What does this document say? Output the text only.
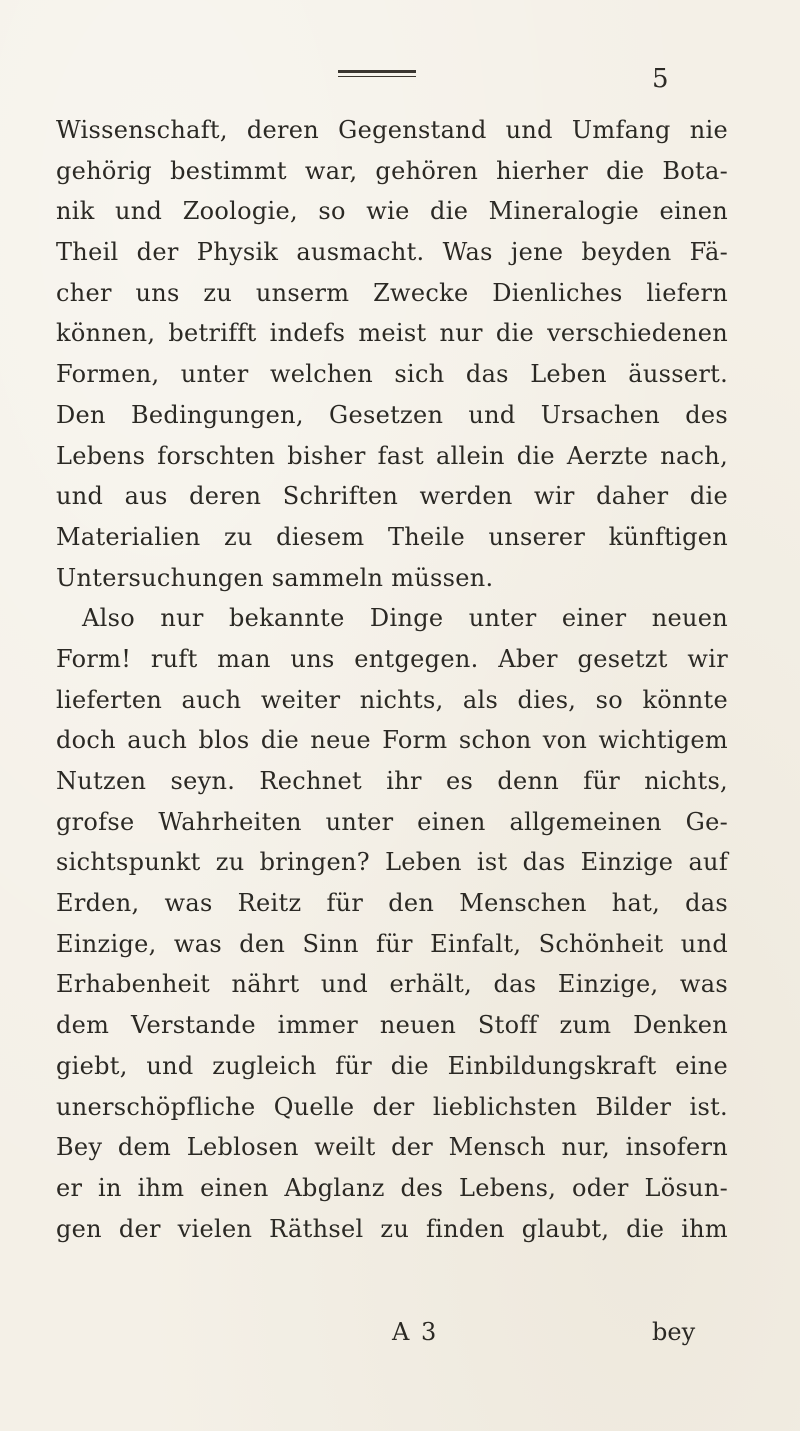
5
Wissenschaft, deren Gegenstand und Umfang nie
gehörig bestimmt war, gehören hierher die Bota-
nik und Zoologie, so wie die Mineralogie einen
Theil der Physik ausmacht. Was jene beyden Fä-
cher uns zu unserm Zwecke Dienliches liefern
können, betrifft indefs meist nur die verschiedenen
Formen, unter welchen sich das Leben äussert.
Den Bedingungen, Gesetzen und Ursachen des
Lebens forschten bisher fast allein die Aerzte nach,
und aus deren Schriften werden wir daher die
Materialien zu diesem Theile unserer künftigen
Untersuchungen sammeln müssen.
Also nur bekannte Dinge unter einer neuen
Form! ruft man uns entgegen. Aber gesetzt wir
lieferten auch weiter nichts, als dies, so könnte
doch auch blos die neue Form schon von wichtigem
Nutzen seyn. Rechnet ihr es denn für nichts,
grofse Wahrheiten unter einen allgemeinen Ge-
sichtspunkt zu bringen? Leben ist das Einzige auf
Erden, was Reitz für den Menschen hat, das
Einzige, was den Sinn für Einfalt, Schönheit und
Erhabenheit nährt und erhält, das Einzige, was
dem Verstande immer neuen Stoff zum Denken
giebt, und zugleich für die Einbildungskraft eine
unerschöpfliche Quelle der lieblichsten Bilder ist.
Bey dem Leblosen weilt der Mensch nur, insofern
er in ihm einen Abglanz des Lebens, oder Lösun-
gen der vielen Räthsel zu finden glaubt, die ihm
A 3	bey
